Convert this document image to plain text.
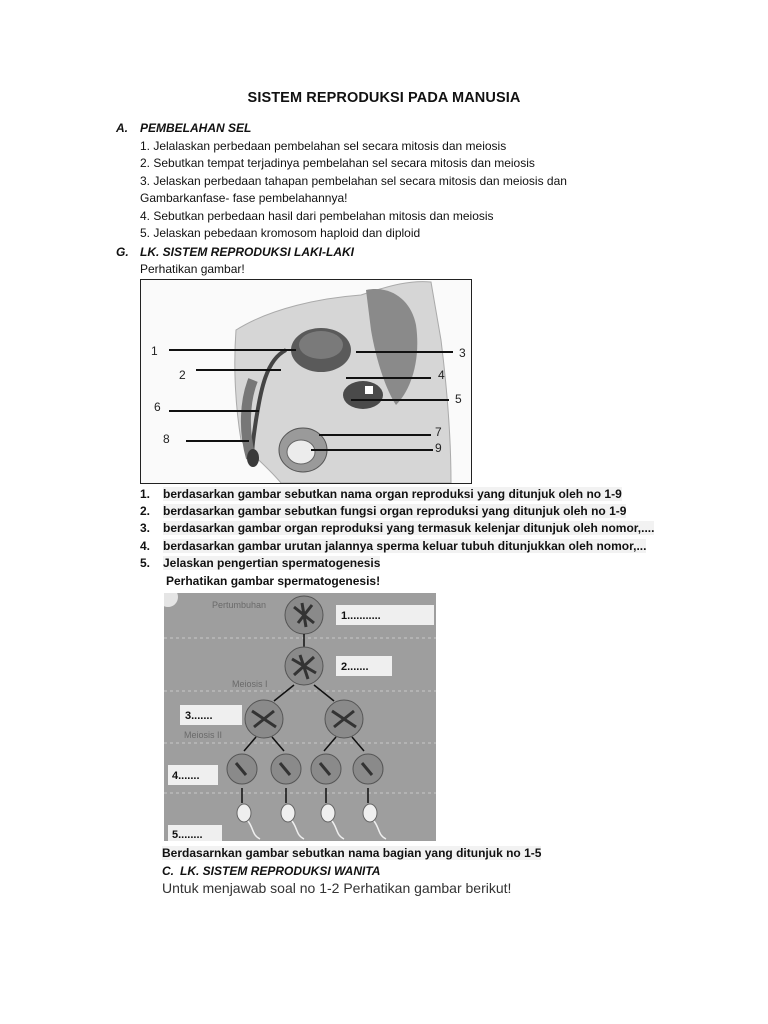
SISTEM REPRODUKSI PADA MANUSIA
A. PEMBELAHAN SEL
1. Jelalaskan perbedaan pembelahan sel secara mitosis dan meiosis
2. Sebutkan tempat terjadinya pembelahan sel secara mitosis dan meiosis
3. Jelaskan perbedaan tahapan pembelahan sel secara mitosis dan meiosis dan
Gambarkanfase- fase pembelahannya!
4. Sebutkan perbedaan hasil dari pembelahan mitosis dan meiosis
5. Jelaskan pebedaan kromosom haploid dan diploid
G. LK. SISTEM REPRODUKSI LAKI-LAKI
Perhatikan gambar!
1
2
3
4
5
6
7
8
9
1. berdasarkan gambar sebutkan nama organ reproduksi yang ditunjuk oleh no 1-9
2. berdasarkan gambar sebutkan fungsi organ reproduksi yang ditunjuk oleh no 1-9
3. berdasarkan gambar organ reproduksi yang termasuk kelenjar ditunjuk oleh nomor,....
4. berdasarkan gambar urutan jalannya sperma keluar tubuh ditunjukkan oleh nomor,...
5. Jelaskan pengertian spermatogenesis
Perhatikan gambar spermatogenesis!
Pertumbuhan
Meiosis I
Meiosis II
1...........
2.......
3.......
4.......
5........
Berdasarnkan gambar sebutkan nama bagian yang ditunjuk no 1-5
C. LK. SISTEM REPRODUKSI WANITA
Untuk menjawab soal no 1-2 Perhatikan gambar berikut!
